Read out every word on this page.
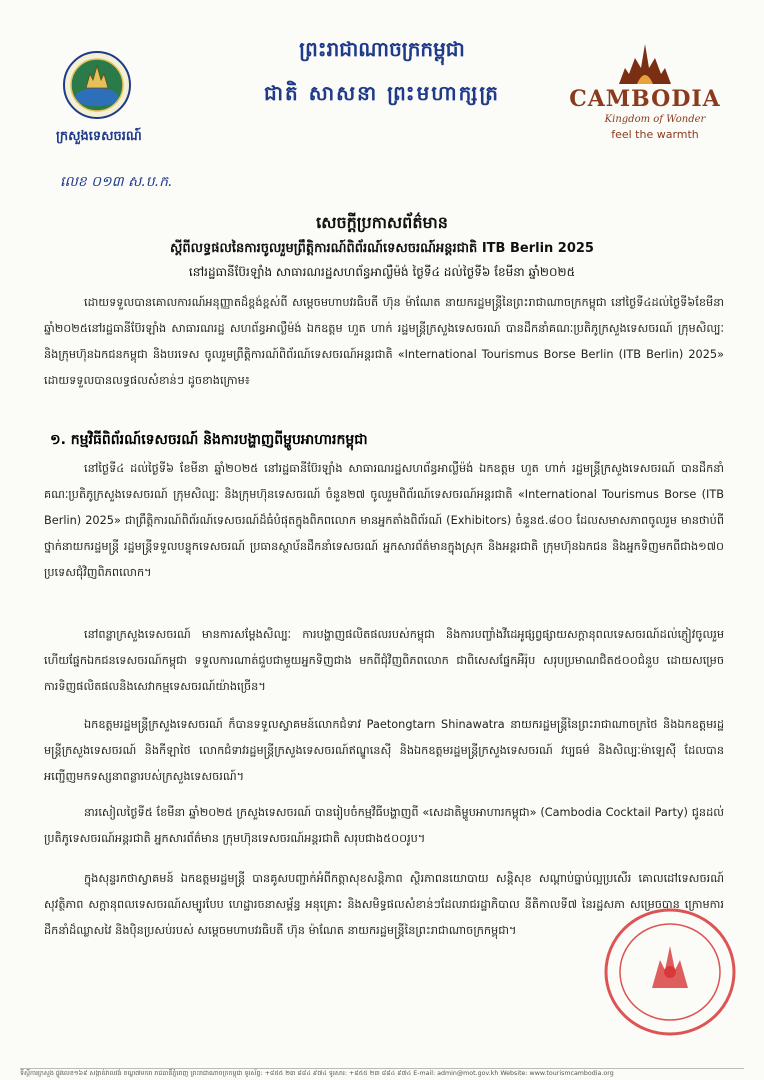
ព្រះរាជាណាចក្រកម្ពុជា
ជាតិ សាសនា ព្រះមហាក្សត្រ
ក្រសួងទេសចរណ៍
លេខ ០១៣ ស.ប.ក.
CAMBODIA
Kingdom of Wonder
feel the warmth
សេចក្តីប្រកាសព័ត៌មាន
ស្តីពីលទ្ធផលនៃការចូលរួមព្រឹត្តិការណ៍ពិព័រណ៍ទេសចរណ៍អន្តរជាតិ ITB Berlin 2025
នៅរដ្ឋធានីប៊ែរឡាំង សាធារណរដ្ឋសហព័ន្ធអាល្លឺម៉ង់ ថ្ងៃទី៤ ដល់ថ្ងៃទី៦ ខែមីនា ឆ្នាំ២០២៥
ដោយទទួលបានគោលការណ៍អនុញ្ញាតដ៏ខ្ពង់ខ្ពស់ពី សម្តេចមហាបវរធិបតី ហ៊ុន ម៉ាណែត នាយករដ្ឋមន្ត្រីនៃព្រះរាជាណាចក្រកម្ពុជា នៅថ្ងៃទី៤ដល់ថ្ងៃទី៦ខែមីនាឆ្នាំ២០២៥នៅរដ្ឋធានីប៊ែរឡាំង សាធារណរដ្ឋ សហព័ន្ធអាល្លឺម៉ង់ ឯកឧត្តម ហួត ហាក់ រដ្ឋមន្ត្រីក្រសួងទេសចរណ៍ បានដឹកនាំគណៈប្រតិភូក្រសួងទេសចរណ៍ ក្រុមសិល្បៈ និងក្រុមហ៊ុនឯកជនកម្ពុជា និងបរទេស ចូលរួមព្រឹត្តិការណ៍ពិព័រណ៍ទេសចរណ៍អន្តរជាតិ «International Tourismus Borse Berlin (ITB Berlin) 2025» ដោយទទួលបានលទ្ធផលសំខាន់ៗ ដូចខាងក្រោម៖
១. កម្មវិធីពិព័រណ៍ទេសចរណ៍ និងការបង្ហាញពីម្ហូបអាហារកម្ពុជា
នៅថ្ងៃទី៤ ដល់ថ្ងៃទី៦ ខែមីនា ឆ្នាំ២០២៥ នៅរដ្ឋធានីប៊ែរឡាំង សាធារណរដ្ឋសហព័ន្ធអាល្លឺម៉ង់ ឯកឧត្តម ហួត ហាក់ រដ្ឋមន្ត្រីក្រសួងទេសចរណ៍ បានដឹកនាំគណៈប្រតិភូក្រសួងទេសចរណ៍ ក្រុមសិល្បៈ និងក្រុមហ៊ុនទេសចរណ៍ ចំនួន២៧ ចូលរួមពិព័រណ៍ទេសចរណ៍អន្តរជាតិ «International Tourismus Borse (ITB Berlin) 2025» ជាព្រឹត្តិការណ៍ពិព័រណ៍ទេសចរណ៍ដ៏ធំបំផុតក្នុងពិភពលោក មានអ្នកតាំងពិព័រណ៍ (Exhibitors) ចំនួន៥.៨០០ ដែលសមាសភាពចូលរួម មានថាប់ពីថ្នាក់នាយករដ្ឋមន្ត្រី រដ្ឋមន្ត្រីទទួលបន្ទុកទេសចរណ៍ ប្រធានស្ថាប័នដឹកនាំទេសចរណ៍ អ្នកសារព័ត៌មានក្នុងស្រុក និងអន្តរជាតិ ក្រុមហ៊ុនឯកជន និងអ្នកទិញមកពីជាង១៧០ ប្រទេសជុំវិញពិភពលោក។
នៅពន្លាក្រសួងទេសចរណ៍ មានការសម្តែងសិល្បៈ ការបង្ហាញផលិតផលរបស់កម្ពុជា និងការបញ្ចាំងវីដេអូផ្សព្វផ្សាយសក្តានុពលទេសចរណ៍ដល់ភ្ញៀវចូលរួម ហើយផ្នែកឯកជនទេសចរណ៍កម្ពុជា ទទួលការណាត់ជួបជាមួយអ្នកទិញជាង មកពីជុំវិញពិភពលោក ជាពិសេសផ្នែកអឺរ៉ុប សរុបប្រមាណជិត៥០០ជំនួប ដោយសម្រេចការទិញផលិតផលនិងសេវាកម្មទេសចរណ៍យ៉ាងច្រើន។
ឯកឧត្តមរដ្ឋមន្ត្រីក្រសួងទេសចរណ៍ ក៏បានទទួលស្វាគមន៍លោកជំទាវ Paetongtarn Shinawatra នាយករដ្ឋមន្ត្រីនៃព្រះរាជាណាចក្រថៃ និងឯកឧត្តមរដ្ឋមន្ត្រីក្រសួងទេសចរណ៍ និងកីឡាថៃ លោកជំទាវរដ្ឋមន្ត្រីក្រសួងទេសចរណ៍ឥណ្ឌូនេស៊ី និងឯកឧត្តមរដ្ឋមន្ត្រីក្រសួងទេសចរណ៍ វប្បធម៌ និងសិល្បៈម៉ាឡេស៊ី ដែលបានអញ្ជើញមកទស្សនាពន្លារបស់ក្រសួងទេសចរណ៍។
នារសៀលថ្ងៃទី៥ ខែមីនា ឆ្នាំ២០២៥ ក្រសួងទេសចរណ៍ បានរៀបចំកម្មវិធីបង្ហាញពី «សេដាតិម្ហូបអាហារកម្ពុជា» (Cambodia Cocktail Party) ជូនដល់ប្រតិភូទេសចរណ៍អន្តរជាតិ អ្នកសារព័ត៌មាន ក្រុមហ៊ុនទេសចរណ៍អន្តរជាតិ សរុបជាង៥០០រូប។
ក្នុងសុន្ទរកថាស្វាគមន៍ ឯកឧត្តមរដ្ឋមន្ត្រី បានគូសបញ្ជាក់អំពីកត្តាសុខសន្តិភាព ស្ថិរភាពនយោបាយ សន្តិសុខ សណ្តាប់ធ្នាប់ល្អប្រសើរ គោលដៅទេសចរណ៍សុវត្ថិភាព សក្តានុពលទេសចរណ៍សម្បូរបែប ហេដ្ឋារចនាសម្ព័ន្ធ អនុគ្រោះ និងសមិទ្ធផលសំខាន់ៗដែលរាជរដ្ឋាភិបាល នីតិកាលទី៧ នៃរដ្ឋសភា សម្រេចបាន ក្រោមការដឹកនាំដ៏ឈ្លាសវៃ និងប៉ិនប្រសប់របស់ សម្តេចមហាបវរធិបតី ហ៊ុន ម៉ាណែត នាយករដ្ឋមន្ត្រីនៃព្រះរាជាណាចក្រកម្ពុជា។
ទីស្តីការក្រសួង ផ្លូវលេខ១៦៩ សង្កាត់វាលវង់ ខណ្ឌ៧មករា រាជធានីភ្នំពេញ ព្រះរាជាណាចក្រកម្ពុជា ទូរស័ព្ទ: +៨៥៥ ២៣ ៨៨៤ ៩៧៤ ទូរសារ: +៨៥៥ ២៣ ៨៨៤ ៩៧៤ E-mail: admin@mot.gov.kh Website: www.tourismcambodia.org
